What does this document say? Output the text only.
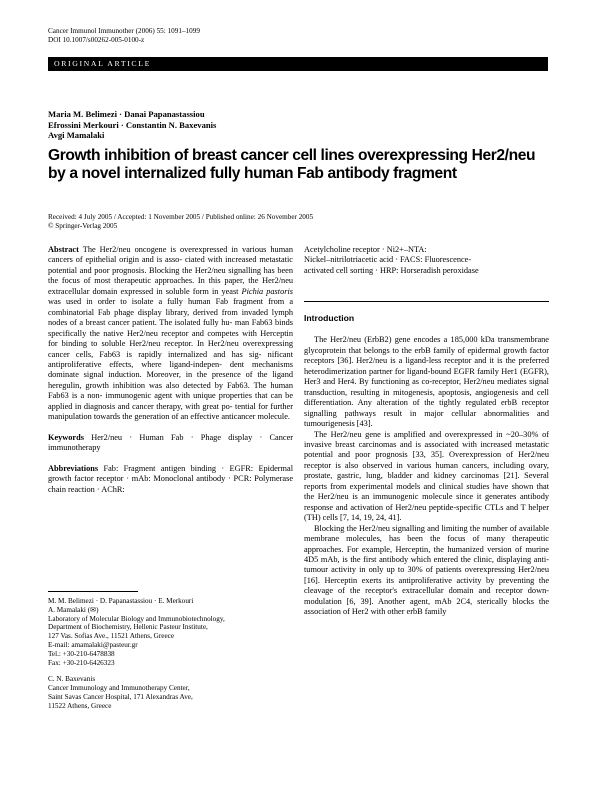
Cancer Immunol Immunother (2006) 55: 1091–1099
DOI 10.1007/s00262-005-0100-z
ORIGINAL ARTICLE
Maria M. Belimezi · Danai Papanastassiou
Efrossini Merkouri · Constantin N. Baxevanis
Avgi Mamalaki
Growth inhibition of breast cancer cell lines overexpressing Her2/neu by a novel internalized fully human Fab antibody fragment
Received: 4 July 2005 / Accepted: 1 November 2005 / Published online: 26 November 2005
© Springer-Verlag 2005

Abstract The Her2/neu oncogene is overexpressed in various human cancers of epithelial origin and is asso- ciated with increased metastatic potential and poor prognosis. Blocking the Her2/neu signalling has been the focus of most therapeutic approaches. In this paper, the Her2/neu extracellular domain expressed in soluble form in yeast Pichia pastoris was used in order to isolate a fully human Fab fragment from a combinatorial Fab phage display library, derived from invaded lymph nodes of a breast cancer patient. The isolated fully hu- man Fab63 binds specifically the native Her2/neu receptor and competes with Herceptin for binding to soluble Her2/neu receptor. In Her2/neu overexpressing cancer cells, Fab63 is rapidly internalized and has sig- nificant antiproliferative effects, where ligand-indepen- dent mechanisms dominate signal induction. Moreover, in the presence of the ligand heregulin, growth inhibition was also detected by Fab63. The human Fab63 is a non- immunogenic agent with unique properties that can be applied in diagnosis and cancer therapy, with great po- tential for further manipulation towards the generation of an effective anticancer molecule.

Keywords Her2/neu · Human Fab · Phage display · Cancer immunotherapy

Abbreviations Fab: Fragment antigen binding · EGFR: Epidermal growth factor receptor · mAb: Monoclonal antibody · PCR: Polymerase chain reaction · AChR:

M. M. Belimezi · D. Papanastassiou · E. Merkouri
A. Mamalaki (✉)
Laboratory of Molecular Biology and Immunobiotechnology,
Department of Biochemistry, Hellenic Pasteur Institute,
127 Vas. Sofias Ave., 11521 Athens, Greece
E-mail: amamalaki@pasteur.gr
Tel.: +30-210-6478838
Fax: +30-210-6426323
C. N. Baxevanis
Cancer Immunology and Immunotherapy Center,
Saint Savas Cancer Hospital, 171 Alexandras Ave,
11522 Athens, Greece
Acetylcholine receptor · Ni2+–NTA:
Nickel–nitrilotriacetic acid · FACS: Fluorescence-
activated cell sorting · HRP: Horseradish peroxidase
Introduction

The Her2/neu (ErbB2) gene encodes a 185,000 kDa transmembrane glycoprotein that belongs to the erbB family of epidermal growth factor receptors [36]. Her2/neu is a ligand-less receptor and it is the preferred heterodimerization partner for ligand-bound EGFR family Her1 (EGFR), Her3 and Her4. By functioning as co-receptor, Her2/neu mediates signal transduction, resulting in mitogenesis, apoptosis, angiogenesis and cell differentiation. Any alteration of the tightly regulated erbB receptor signalling pathways result in major cellular abnormalities and tumourigenesis [43].

The Her2/neu gene is amplified and overexpressed in ~20–30% of invasive breast carcinomas and is associated with increased metastatic potential and poor prognosis [33, 35]. Overexpression of Her2/neu receptor is also observed in various human cancers, including ovary, prostate, gastric, lung, bladder and kidney carcinomas [21]. Several reports from experimental models and clinical studies have shown that the Her2/neu is an immunogenic molecule since it generates antibody response and activation of Her2/neu peptide-specific CTLs and T helper (TH) cells [7, 14, 19, 24, 41].

Blocking the Her2/neu signalling and limiting the number of available membrane molecules, has been the focus of many therapeutic approaches. For example, Herceptin, the humanized version of murine 4D5 mAb, is the first antibody which entered the clinic, displaying anti-tumour activity in only up to 30% of patients overexpressing Her2/neu [16]. Herceptin exerts its antiproliferative activity by preventing the cleavage of the receptor's extracellular domain and receptor down-modulation [6, 39]. Another agent, mAb 2C4, sterically blocks the association of Her2 with other erbB family
